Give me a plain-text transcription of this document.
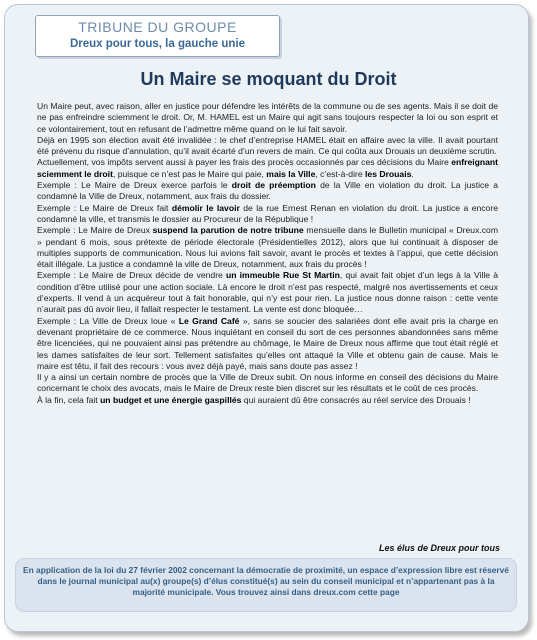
TRIBUNE DU GROUPE
Dreux pour tous, la gauche unie
Un Maire se moquant du Droit

Un Maire peut, avec raison, aller en justice pour défendre les intérêts de la commune ou de ses agents. Mais il se doit de ne pas enfreindre sciemment le droit. Or, M. HAMEL est un Maire qui agit sans toujours respecter la loi ou son esprit et ce volontairement, tout en refusant de l’admettre même quand on le lui fait savoir.

Déjà en 1995 son élection avait été invalidée : le chef d’entreprise HAMEL était en affaire avec la ville. Il avait pourtant été prévenu du risque d’annulation, qu’il avait écarté d’un revers de main. Ce qui coûta aux Drouais un deuxième scrutin.

Actuellement, vos impôts servent aussi à payer les frais des procès occasionnés par ces décisions du Maire enfreignant sciemment le droit, puisque ce n’est pas le Maire qui paie, mais la Ville, c’est-à-dire les Drouais.

Exemple : Le Maire de Dreux exerce parfois le droit de préemption de la Ville en violation du droit. La justice a condamné la Ville de Dreux, notamment, aux frais du dossier.

Exemple : Le Maire de Dreux fait démolir le lavoir de la rue Ernest Renan en violation du droit. La justice a encore condamné la ville, et transmis le dossier au Procureur de la République !

Exemple : Le Maire de Dreux suspend la parution de notre tribune mensuelle dans le Bulletin municipal « Dreux.com » pendant 6 mois, sous prétexte de période électorale (Présidentielles 2012), alors que lui continuait à disposer de multiples supports de communication. Nous lui avions fait savoir, avant le procès et textes à l’appui, que cette décision était illégale. La justice a condamné la ville de Dreux, notamment, aux frais du procès !

Exemple : Le Maire de Dreux décide de vendre un immeuble Rue St Martin, qui avait fait objet d’un legs à la Ville à condition d’être utilisé pour une action sociale. Là encore le droit n’est pas respecté, malgré nos avertissements et ceux d’experts. Il vend à un acquéreur tout à fait honorable, qui n’y est pour rien. La justice nous donne raison : cette vente n’aurait pas dû avoir lieu, il fallait respecter le testament. La vente est donc bloquée…

Exemple : La Ville de Dreux loue « Le Grand Café », sans se soucier des salariées dont elle avait pris la charge en devenant propriétaire de ce commerce. Nous inquiétant en conseil du sort de ces personnes abandonnées sans même être licenciées, qui ne pouvaient ainsi pas prétendre au chômage, le Maire de Dreux nous affirme que tout était réglé et les dames satisfaites de leur sort. Tellement satisfaites qu’elles ont attaqué la Ville et obtenu gain de cause. Mais le maire est têtu, il fait des recours : vous avez déjà payé, mais sans doute pas assez !

Il y a ainsi un certain nombre de procès que la Ville de Dreux subit. On nous informe en conseil des décisions du Maire concernant le choix des avocats, mais le Maire de Dreux reste bien discret sur les résultats et le coût de ces procès.

À la fin, cela fait un budget et une énergie gaspillés qui auraient dû être consacrés au réel service des Drouais !

Les élus de Dreux pour tous
En application de la loi du 27 février 2002 concernant la démocratie de proximité, un espace d’expression libre est réservé dans le journal municipal au(x) groupe(s) d’élus constitué(s) au sein du conseil municipal et n’appartenant pas à la majorité municipale. Vous trouvez ainsi dans dreux.com cette page
